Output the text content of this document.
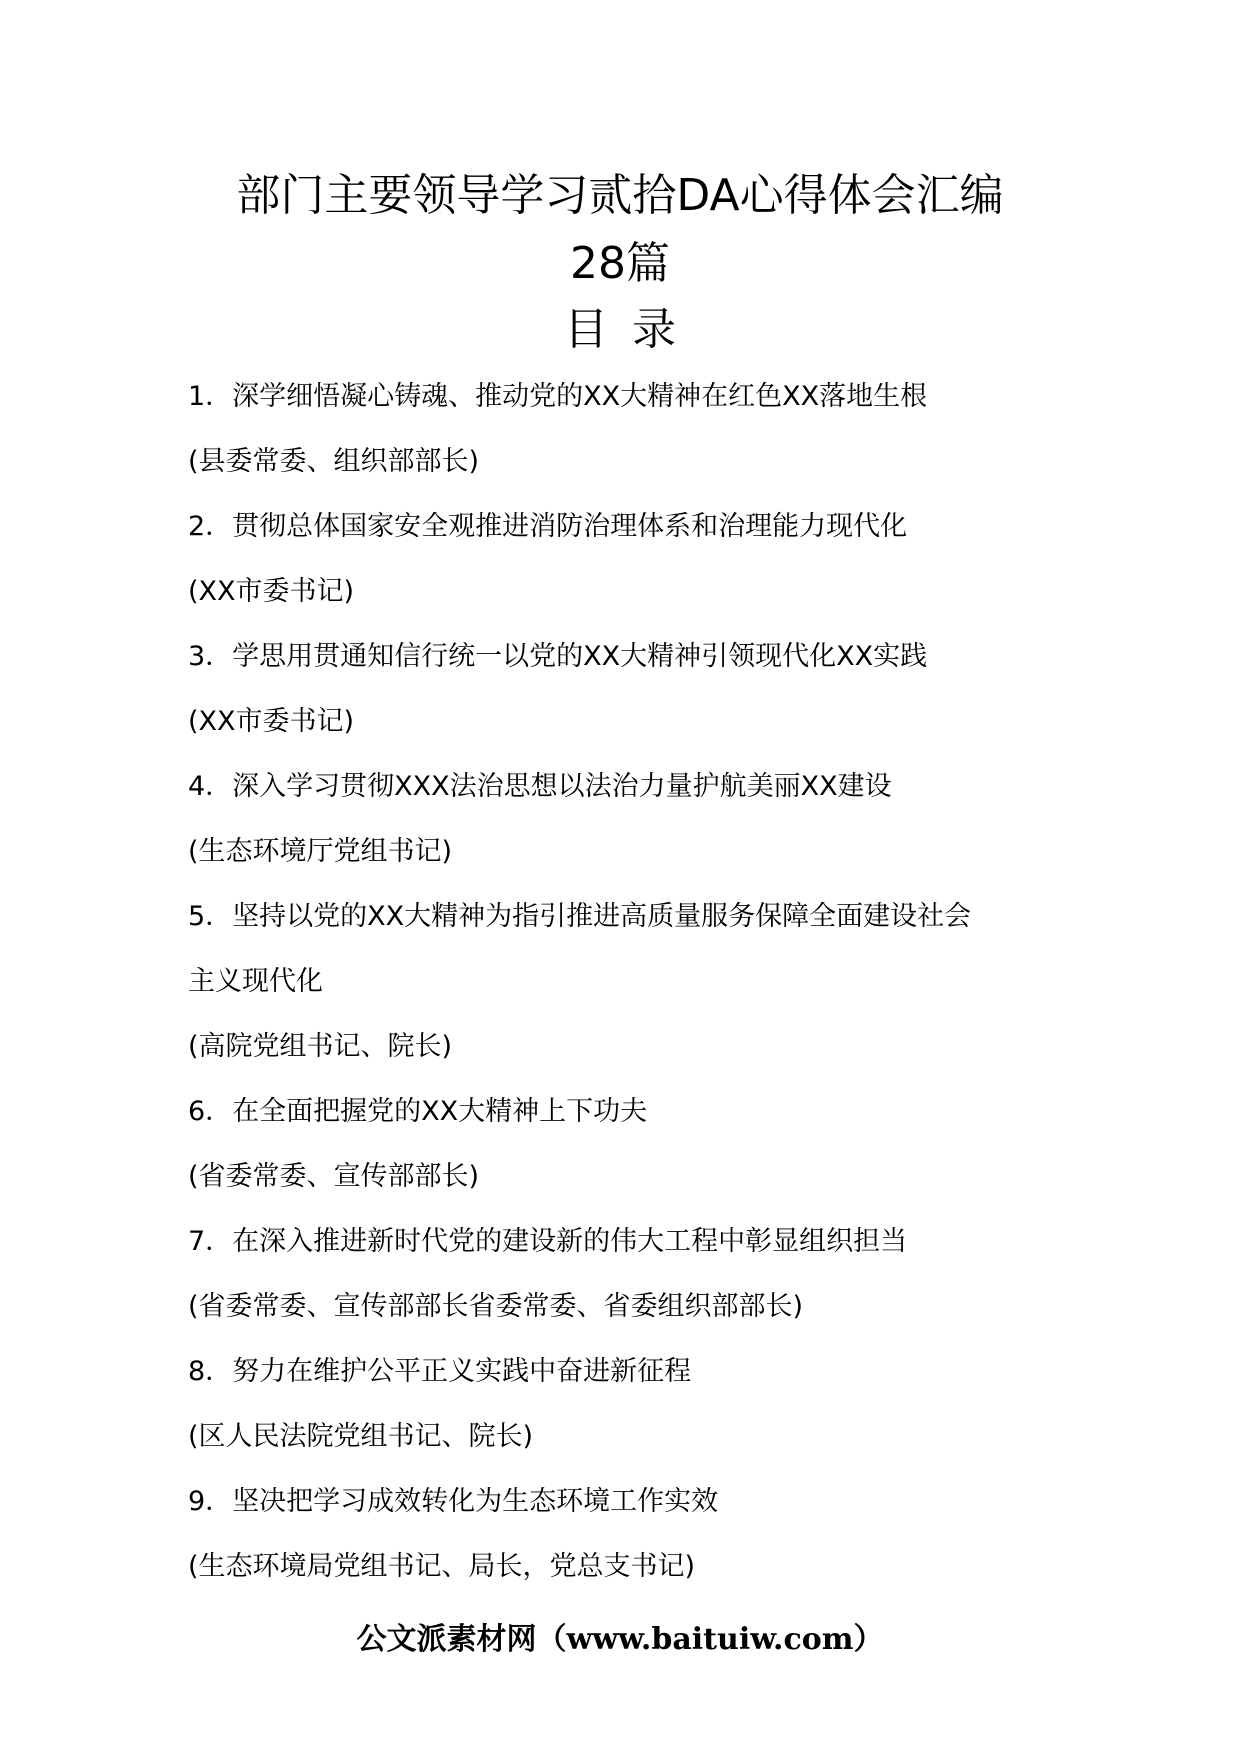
部门主要领导学习贰拾DA心得体会汇编
28篇
目录
1．深学细悟凝心铸魂、推动党的XX大精神在红色XX落地生根
(县委常委、组织部部长)
2．贯彻总体国家安全观推进消防治理体系和治理能力现代化
(XX市委书记)
3．学思用贯通知信行统一以党的XX大精神引领现代化XX实践
(XX市委书记)
4．深入学习贯彻XXX法治思想以法治力量护航美丽XX建设
(生态环境厅党组书记)
5．坚持以党的XX大精神为指引推进高质量服务保障全面建设社会
主义现代化
(高院党组书记、院长)
6．在全面把握党的XX大精神上下功夫
(省委常委、宣传部部长)
7．在深入推进新时代党的建设新的伟大工程中彰显组织担当
(省委常委、宣传部部长省委常委、省委组织部部长)
8．努力在维护公平正义实践中奋进新征程
(区人民法院党组书记、院长)
9．坚决把学习成效转化为生态环境工作实效
(生态环境局党组书记、局长，党总支书记)
公文派素材网（www.baituiw.com）
